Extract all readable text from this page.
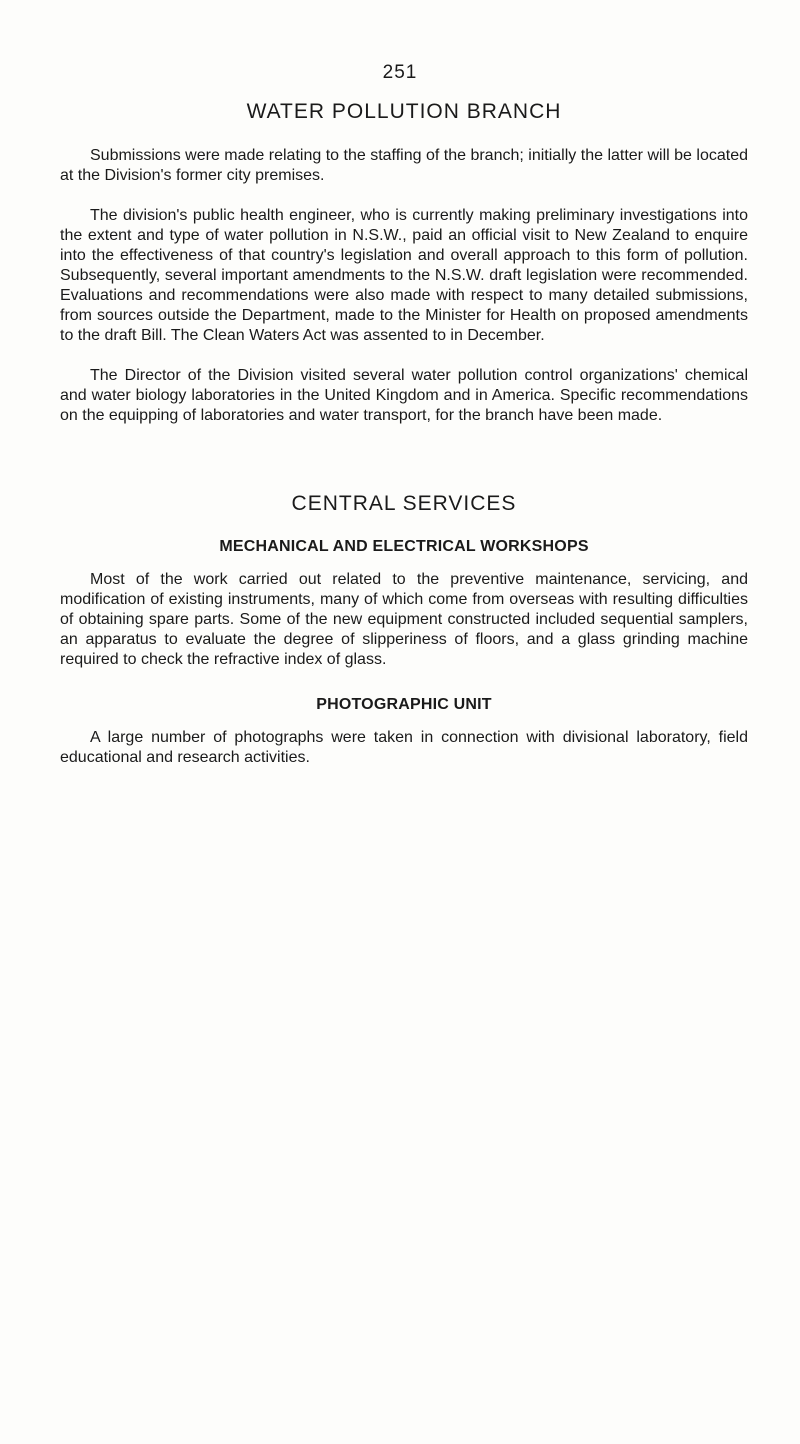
251
WATER POLLUTION BRANCH

Submissions were made relating to the staffing of the branch; initially the latter will be located at the Division's former city premises.

The division's public health engineer, who is currently making preliminary investigations into the extent and type of water pollution in N.S.W., paid an official visit to New Zealand to enquire into the effectiveness of that country's legislation and overall approach to this form of pollution. Subsequently, several important amendments to the N.S.W. draft legislation were recommended. Evaluations and recommendations were also made with respect to many detailed submissions, from sources outside the Department, made to the Minister for Health on proposed amendments to the draft Bill. The Clean Waters Act was assented to in December.

The Director of the Division visited several water pollution control organizations' chemical and water biology laboratories in the United Kingdom and in America. Specific recommendations on the equipping of laboratories and water transport, for the branch have been made.

CENTRAL SERVICES
MECHANICAL AND ELECTRICAL WORKSHOPS

Most of the work carried out related to the preventive maintenance, servicing, and modification of existing instruments, many of which come from overseas with resulting difficulties of obtaining spare parts. Some of the new equipment constructed included sequential samplers, an apparatus to evaluate the degree of slipperiness of floors, and a glass grinding machine required to check the refractive index of glass.

PHOTOGRAPHIC UNIT

A large number of photographs were taken in connection with divisional laboratory, field educational and research activities.
